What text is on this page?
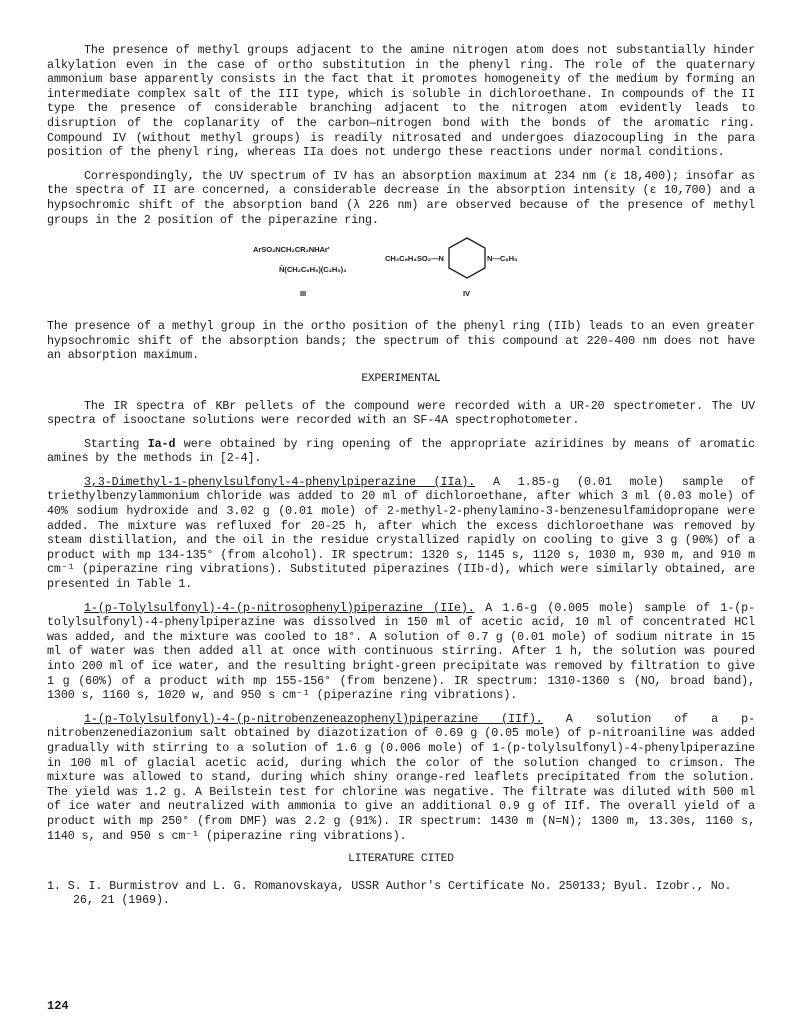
The presence of methyl groups adjacent to the amine nitrogen atom does not substantially hinder alkylation even in the case of ortho substitution in the phenyl ring. The role of the quaternary ammonium base apparently consists in the fact that it promotes homogeneity of the medium by forming an intermediate complex salt of the III type, which is soluble in dichloroethane. In compounds of the II type the presence of considerable branching adjacent to the nitrogen atom evidently leads to disruption of the coplanarity of the carbon—nitrogen bond with the bonds of the aromatic ring. Compound IV (without methyl groups) is readily nitrosated and undergoes diazocoupling in the para position of the phenyl ring, whereas IIa does not undergo these reactions under normal conditions.

Correspondingly, the UV spectrum of IV has an absorption maximum at 234 nm (ε 18,400); insofar as the spectra of II are concerned, a considerable decrease in the absorption intensity (ε 10,700) and a hypsochromic shift of the absorption band (λ 226 nm) are observed because of the presence of methyl groups in the 2 position of the piperazine ring.

ArSO₂NCH₂CR₂NHAr'
N̂(CH₂C₆H₅)(C₂H₅)₃
III
CH₃C₆H₄SO₂—N	N—C₆H₅
IV

The presence of a methyl group in the ortho position of the phenyl ring (IIb) leads to an even greater hypsochromic shift of the absorption bands; the spectrum of this compound at 220-400 nm does not have an absorption maximum.

EXPERIMENTAL

The IR spectra of KBr pellets of the compound were recorded with a UR-20 spectrometer. The UV spectra of isooctane solutions were recorded with an SF-4A spectrophotometer.

Starting Ia-d were obtained by ring opening of the appropriate aziridines by means of aromatic amines by the methods in [2-4].

3,3-Dimethyl-1-phenylsulfonyl-4-phenylpiperazine (IIa). A 1.85-g (0.01 mole) sample of triethylbenzylammonium chloride was added to 20 ml of dichloroethane, after which 3 ml (0.03 mole) of 40% sodium hydroxide and 3.02 g (0.01 mole) of 2-methyl-2-phenylamino-3-benzenesulfamidopropane were added. The mixture was refluxed for 20-25 h, after which the excess dichloroethane was removed by steam distillation, and the oil in the residue crystallized rapidly on cooling to give 3 g (90%) of a product with mp 134-135° (from alcohol). IR spectrum: 1320 s, 1145 s, 1120 s, 1030 m, 930 m, and 910 m cm⁻¹ (piperazine ring vibrations). Substituted piperazines (IIb-d), which were similarly obtained, are presented in Table 1.

1-(p-Tolylsulfonyl)-4-(p-nitrosophenyl)piperazine (IIe). A 1.6-g (0.005 mole) sample of 1-(p-tolylsulfonyl)-4-phenylpiperazine was dissolved in 150 ml of acetic acid, 10 ml of concentrated HCl was added, and the mixture was cooled to 18°. A solution of 0.7 g (0.01 mole) of sodium nitrate in 15 ml of water was then added all at once with continuous stirring. After 1 h, the solution was poured into 200 ml of ice water, and the resulting bright-green precipitate was removed by filtration to give 1 g (60%) of a product with mp 155-156° (from benzene). IR spectrum: 1310-1360 s (NO, broad band), 1300 s, 1160 s, 1020 w, and 950 s cm⁻¹ (piperazine ring vibrations).

1-(p-Tolylsulfonyl)-4-(p-nitrobenzeneazophenyl)piperazine (IIf). A solution of a p-nitrobenzenediazonium salt obtained by diazotization of 0.69 g (0.05 mole) of p-nitroaniline was added gradually with stirring to a solution of 1.6 g (0.006 mole) of 1-(p-tolylsulfonyl)-4-phenylpiperazine in 100 ml of glacial acetic acid, during which the color of the solution changed to crimson. The mixture was allowed to stand, during which shiny orange-red leaflets precipitated from the solution. The yield was 1.2 g. A Beilstein test for chlorine was negative. The filtrate was diluted with 500 ml of ice water and neutralized with ammonia to give an additional 0.9 g of IIf. The overall yield of a product with mp 250° (from DMF) was 2.2 g (91%). IR spectrum: 1430 m (N=N); 1300 m, 13.30s, 1160 s, 1140 s, and 950 s cm⁻¹ (piperazine ring vibrations).

LITERATURE CITED

1. S. I. Burmistrov and L. G. Romanovskaya, USSR Author's Certificate No. 250133; Byul. Izobr., No. 26, 21 (1969).

124
